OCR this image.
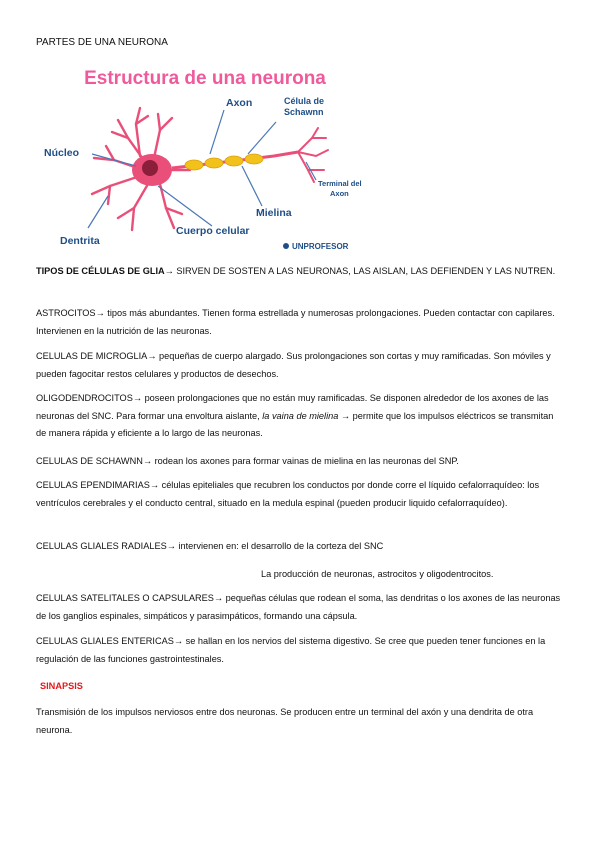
PARTES DE UNA NEURONA
Estructura de una neurona
Axon	Célula de
Schawnn
Núcleo
Terminal del
Axon
Mielina
Cuerpo celular
Dentrita	UNPROFESOR

TIPOS DE CÉLULAS DE GLIA→ SIRVEN DE SOSTEN A LAS NEURONAS, LAS AISLAN, LAS DEFIENDEN Y LAS NUTREN.

ASTROCITOS→ tipos más abundantes. Tienen forma estrellada y numerosas prolongaciones. Pueden contactar con capilares. Intervienen en la nutrición de las neuronas.

CELULAS DE MICROGLIA→ pequeñas de cuerpo alargado. Sus prolongaciones son cortas y muy ramificadas. Son móviles y pueden fagocitar restos celulares y productos de desechos.

OLIGODENDROCITOS→ poseen prolongaciones que no están muy ramificadas. Se disponen alrededor de los axones de las neuronas del SNC. Para formar una envoltura aislante, la vaina de mielina → permite que los impulsos eléctricos se transmitan de manera rápida y eficiente a lo largo de las neuronas.

CELULAS DE SCHAWNN→ rodean los axones para formar vainas de mielina en las neuronas del SNP.

CELULAS EPENDIMARIAS→ células epiteliales que recubren los conductos por donde corre el líquido cefalorraquídeo: los ventrículos cerebrales y el conducto central, situado en la medula espinal (pueden producir liquido cefalorraquídeo).

CELULAS GLIALES RADIALES→ intervienen en: el desarrollo de la corteza del SNC

La producción de neuronas, astrocitos y oligodentrocitos.

CELULAS SATELITALES O CAPSULARES→ pequeñas células que rodean el soma, las dendritas o los axones de las neuronas de los ganglios espinales, simpáticos y parasimpáticos, formando una cápsula.

CELULAS GLIALES ENTERICAS→ se hallan en los nervios del sistema digestivo. Se cree que pueden tener funciones en la regulación de las funciones gastrointestinales.

SINAPSIS

Transmisión de los impulsos nerviosos entre dos neuronas. Se producen entre un terminal del axón y una dendrita de otra neurona.
